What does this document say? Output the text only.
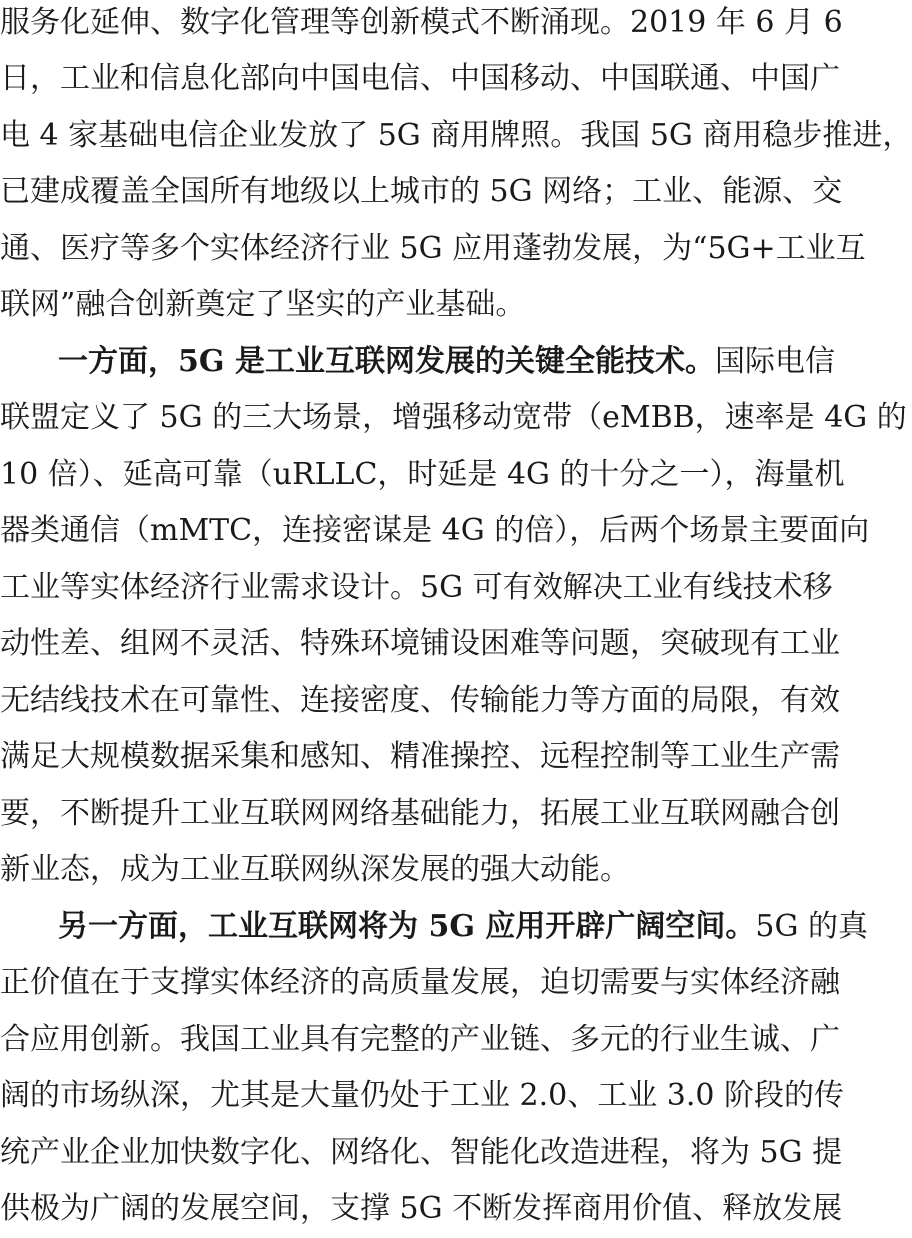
服务化延伸、数字化管理等创新模式不断涌现。2019 年 6 月 6
日，工业和信息化部向中国电信、中国移动、中国联通、中国广
电 4 家基础电信企业发放了 5G 商用牌照。我国 5G 商用稳步推进，
已建成覆盖全国所有地级以上城市的 5G 网络；工业、能源、交
通、医疗等多个实体经济行业 5G 应用蓬勃发展，为“5G+工业互
联网”融合创新奠定了坚实的产业基础。
一方面，5G 是工业互联网发展的关键全能技术。国际电信
联盟定义了 5G 的三大场景，增强移动宽带（eMBB，速率是 4G 的
10 倍）、延高可靠（uRLLC，时延是 4G 的十分之一），海量机
器类通信（mMTC，连接密谋是 4G 的倍），后两个场景主要面向
工业等实体经济行业需求设计。5G 可有效解决工业有线技术移
动性差、组网不灵活、特殊环境铺设困难等问题，突破现有工业
无结线技术在可靠性、连接密度、传输能力等方面的局限，有效
满足大规模数据采集和感知、精准操控、远程控制等工业生产需
要，不断提升工业互联网网络基础能力，拓展工业互联网融合创
新业态，成为工业互联网纵深发展的强大动能。
另一方面，工业互联网将为 5G 应用开辟广阔空间。5G 的真
正价值在于支撑实体经济的高质量发展，迫切需要与实体经济融
合应用创新。我国工业具有完整的产业链、多元的行业生诚、广
阔的市场纵深，尤其是大量仍处于工业 2.0、工业 3.0 阶段的传
统产业企业加快数字化、网络化、智能化改造进程，将为 5G 提
供极为广阔的发展空间，支撑 5G 不断发挥商用价值、释放发展
